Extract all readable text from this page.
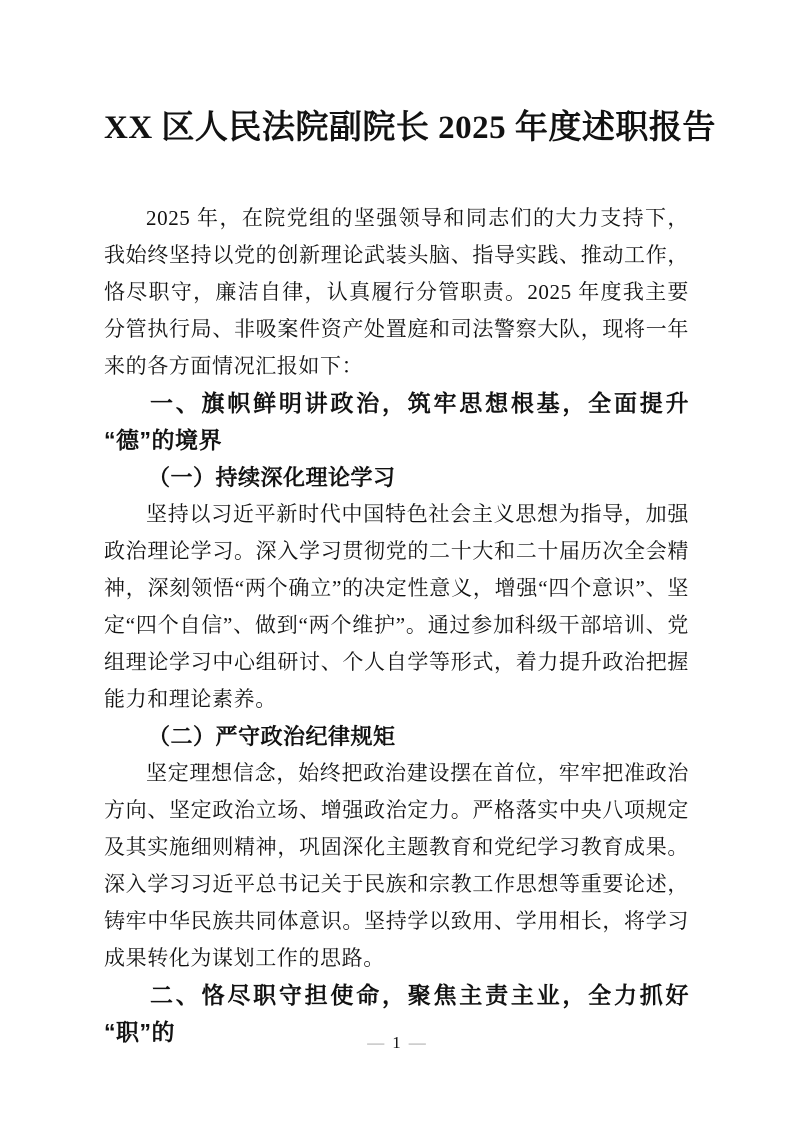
XX 区人民法院副院长 2025 年度述职报告

2025 年，在院党组的坚强领导和同志们的大力支持下，我始终坚持以党的创新理论武装头脑、指导实践、推动工作，恪尽职守，廉洁自律，认真履行分管职责。2025 年度我主要分管执行局、非吸案件资产处置庭和司法警察大队，现将一年来的各方面情况汇报如下：

一、旗帜鲜明讲政治，筑牢思想根基，全面提升“德”的境界
（一）持续深化理论学习

坚持以习近平新时代中国特色社会主义思想为指导，加强政治理论学习。深入学习贯彻党的二十大和二十届历次全会精神，深刻领悟“两个确立”的决定性意义，增强“四个意识”、坚定“四个自信”、做到“两个维护”。通过参加科级干部培训、党组理论学习中心组研讨、个人自学等形式，着力提升政治把握能力和理论素养。

（二）严守政治纪律规矩

坚定理想信念，始终把政治建设摆在首位，牢牢把准政治方向、坚定政治立场、增强政治定力。严格落实中央八项规定及其实施细则精神，巩固深化主题教育和党纪学习教育成果。深入学习习近平总书记关于民族和宗教工作思想等重要论述，铸牢中华民族共同体意识。坚持学以致用、学用相长，将学习成果转化为谋划工作的思路。

二、恪尽职守担使命，聚焦主责主业，全力抓好“职”的	— 1 —
